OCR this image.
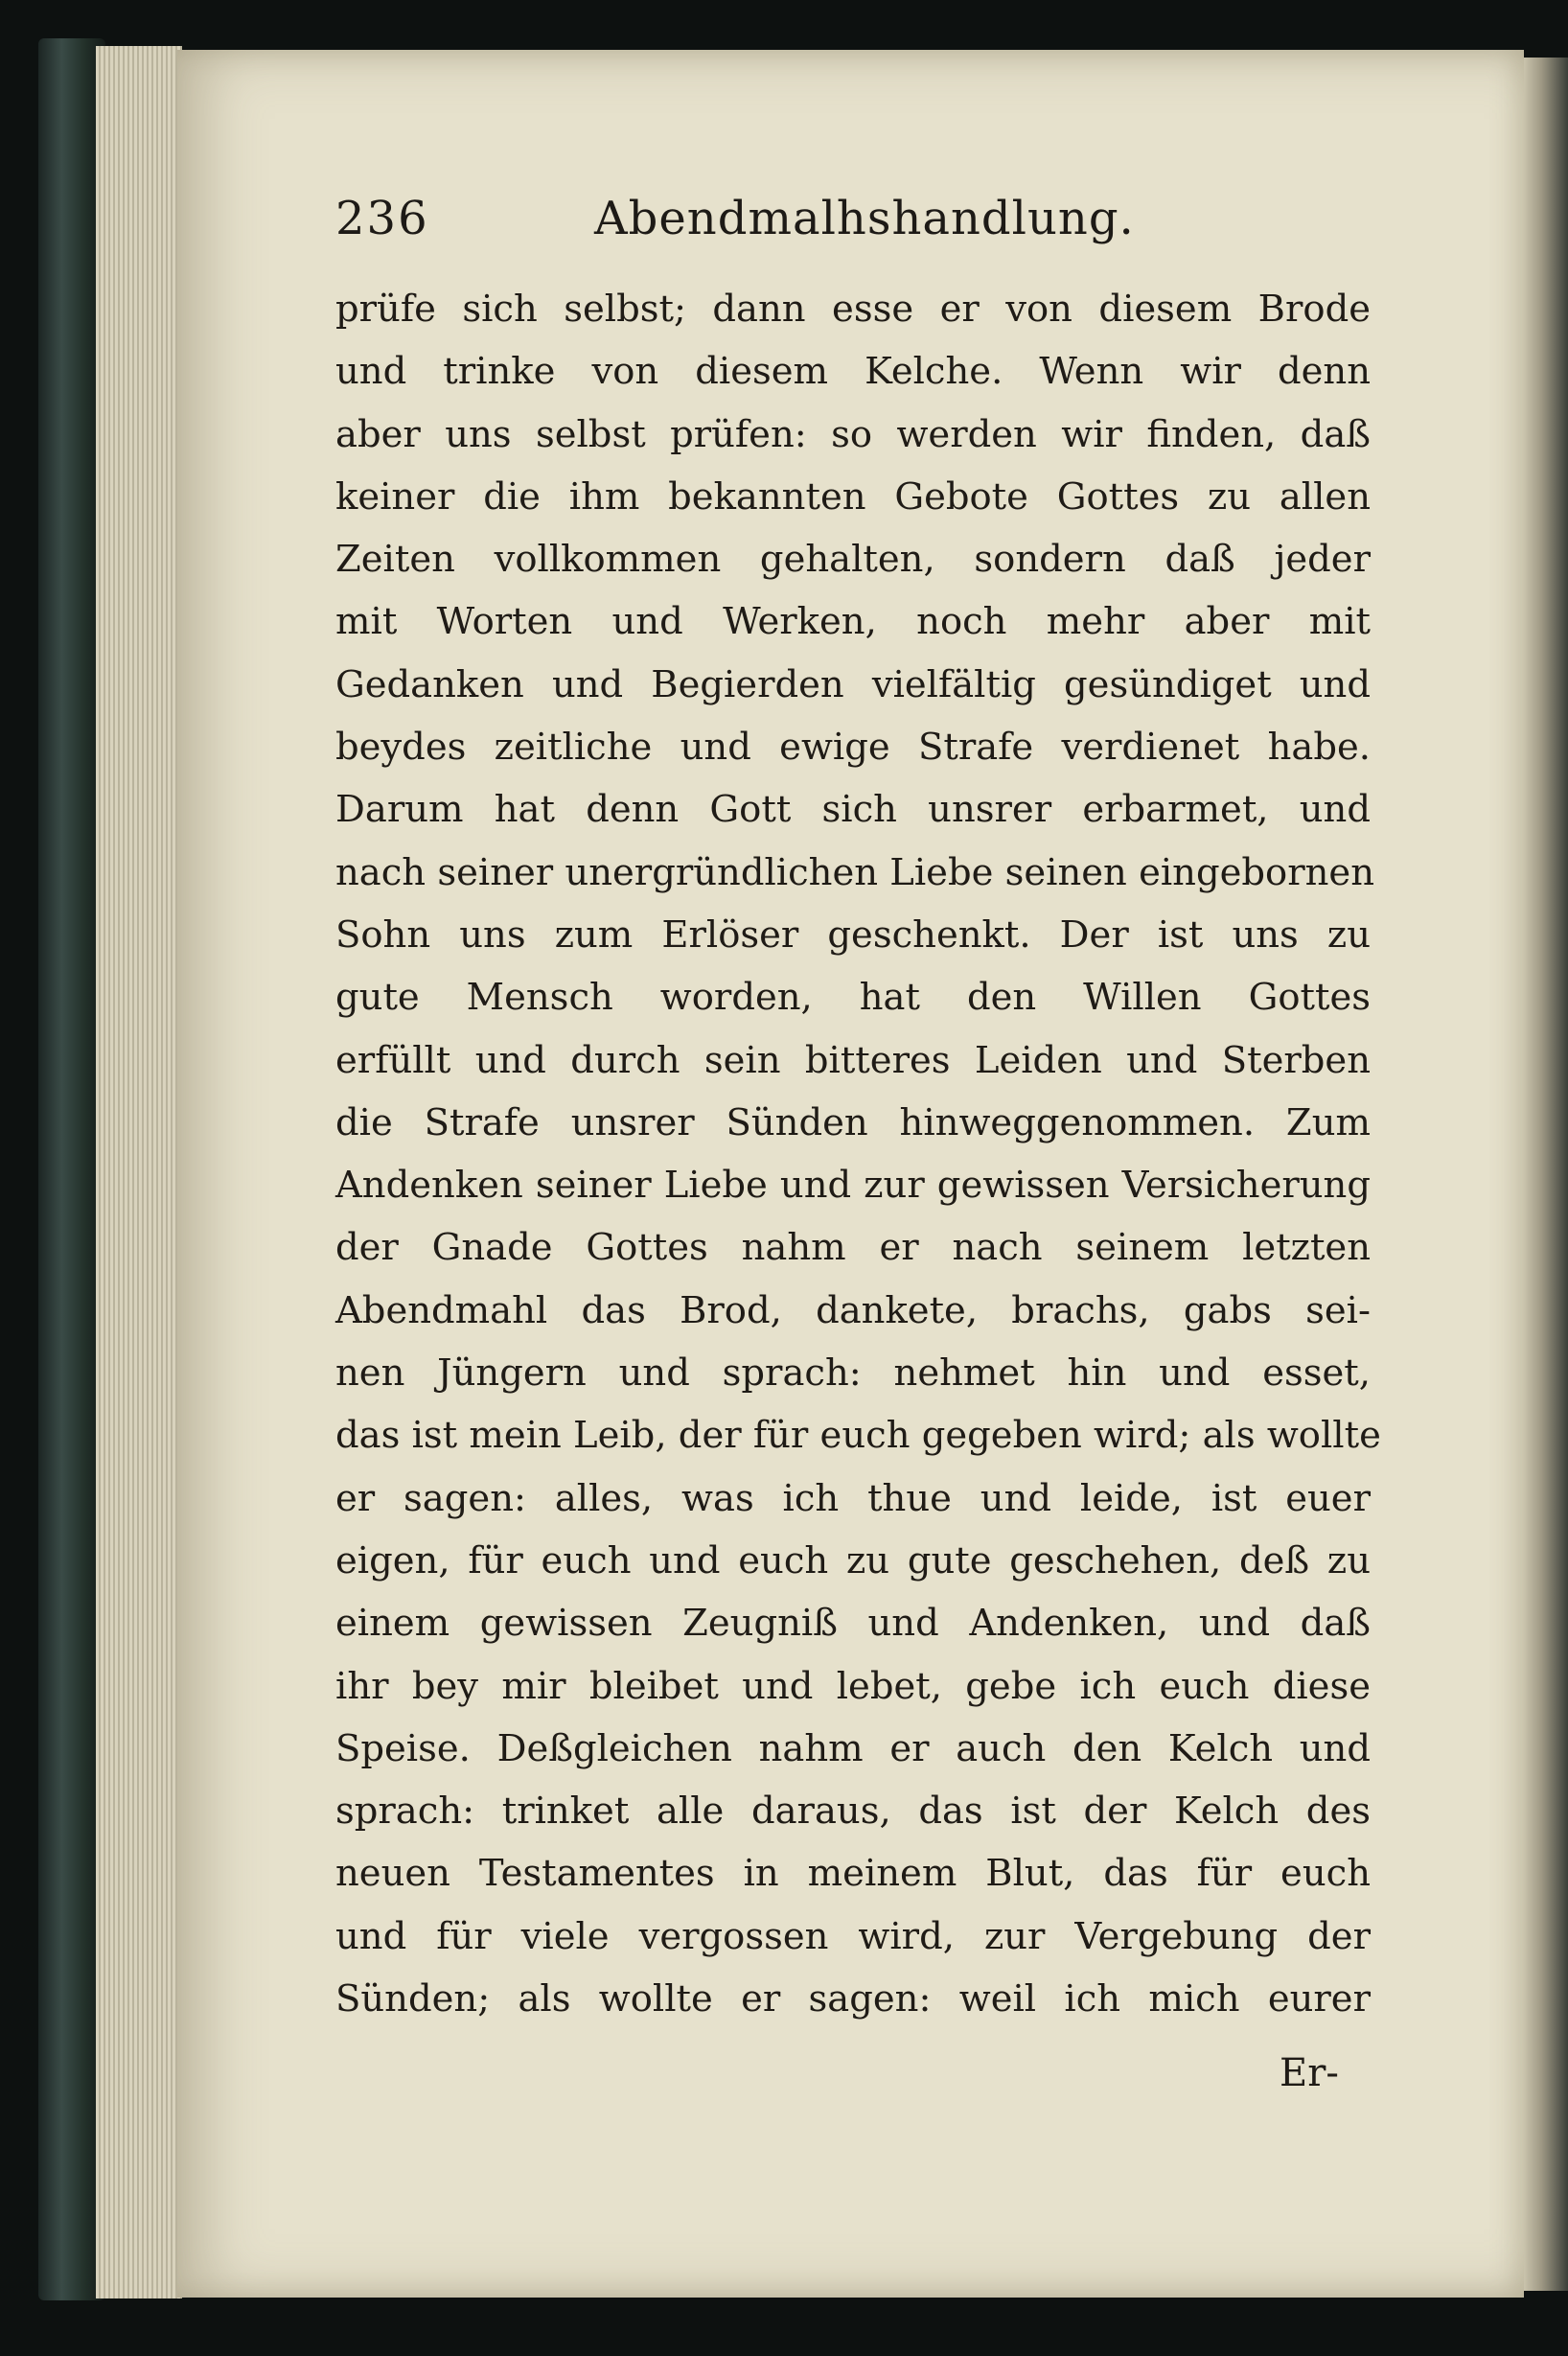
236	Abendmalhshandlung.
prüfe sich selbst; dann esse er von diesem Brode
und trinke von diesem Kelche. Wenn wir denn
aber uns selbst prüfen: so werden wir finden, daß
keiner die ihm bekannten Gebote Gottes zu allen
Zeiten vollkommen gehalten, sondern daß jeder
mit Worten und Werken, noch mehr aber mit
Gedanken und Begierden vielfältig gesündiget und
beydes zeitliche und ewige Strafe verdienet habe.
Darum hat denn Gott sich unsrer erbarmet, und
nach seiner unergründlichen Liebe seinen eingebornen
Sohn uns zum Erlöser geschenkt. Der ist uns zu
gute Mensch worden, hat den Willen Gottes
erfüllt und durch sein bitteres Leiden und Sterben
die Strafe unsrer Sünden hinweggenommen. Zum
Andenken seiner Liebe und zur gewissen Versicherung
der Gnade Gottes nahm er nach seinem letzten
Abendmahl das Brod, dankete, brachs, gabs sei-
nen Jüngern und sprach: nehmet hin und esset,
das ist mein Leib, der für euch gegeben wird; als wollte
er sagen: alles, was ich thue und leide, ist euer
eigen, für euch und euch zu gute geschehen, deß zu
einem gewissen Zeugniß und Andenken, und daß
ihr bey mir bleibet und lebet, gebe ich euch diese
Speise. Deßgleichen nahm er auch den Kelch und
sprach: trinket alle daraus, das ist der Kelch des
neuen Testamentes in meinem Blut, das für euch
und für viele vergossen wird, zur Vergebung der
Sünden; als wollte er sagen: weil ich mich eurer
Er-
